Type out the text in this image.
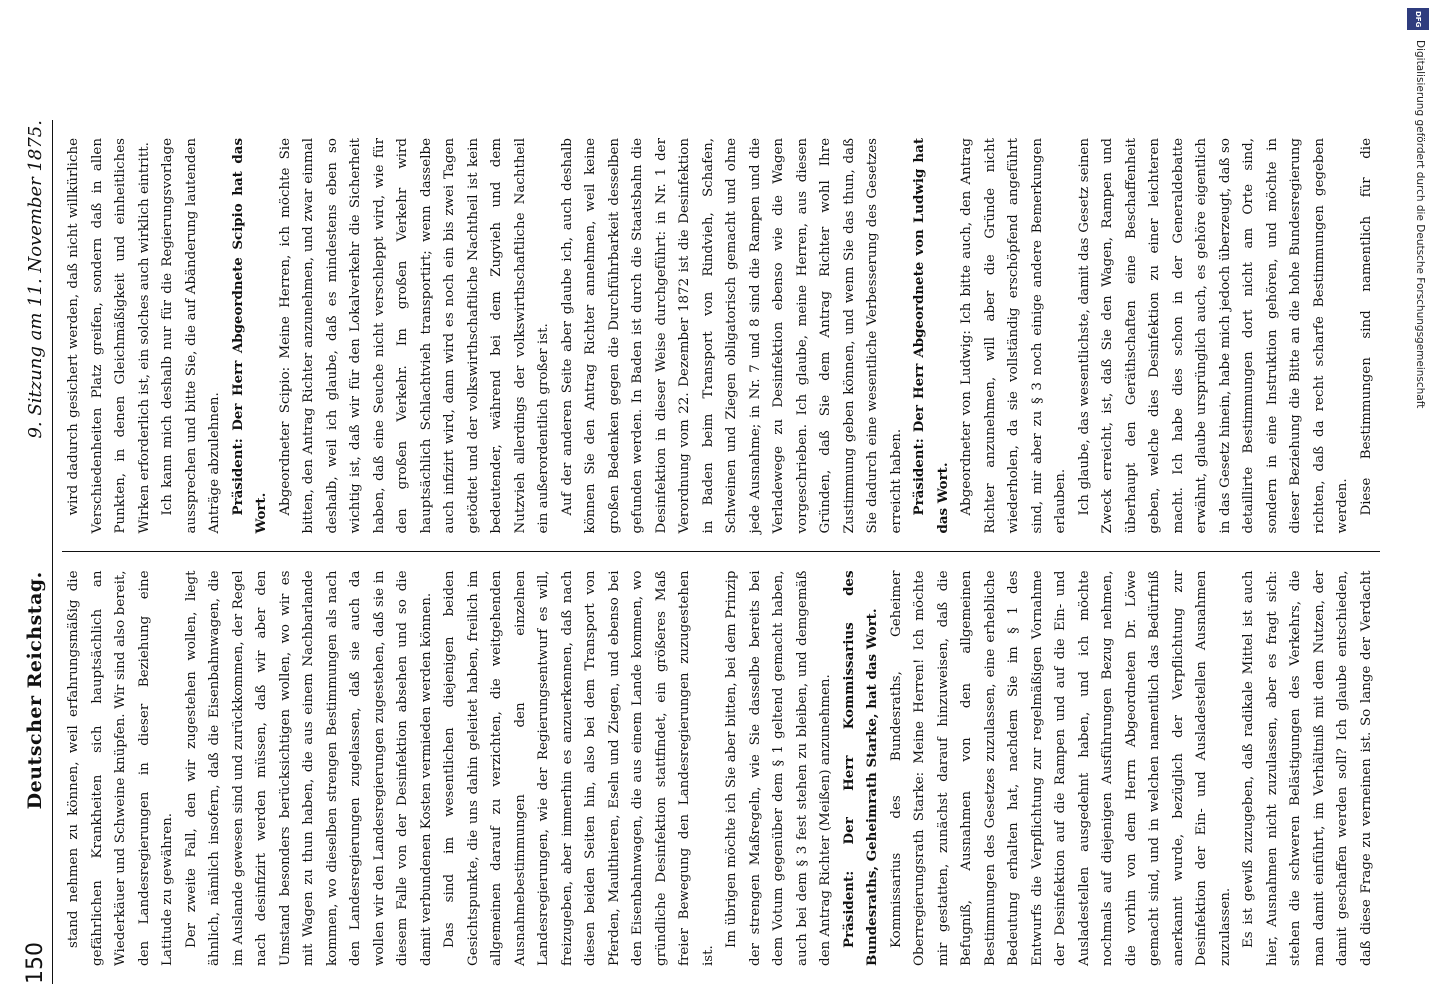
150
Deutscher Reichstag.
9. Sitzung am 11. November 1875.

stand nehmen zu können, weil erfahrungsmäßig die gefährlichen Krankheiten sich hauptsächlich an Wiederkäuer und Schweine knüpfen. Wir sind also bereit, den Landesregierungen in dieser Beziehung eine Latitude zu gewähren. Der zweite Fall, den wir zugestehen wollen, liegt ähnlich, nämlich insofern, daß die Eisenbahnwagen, die im Auslande gewesen sind und zurückkommen, der Regel nach desinfizirt werden müssen, daß wir aber den Umstand besonders berücksichtigen wollen, wo wir es mit Wagen zu thun haben, die aus einem Nachbarlande kommen, wo dieselben strengen Bestimmungen als nach den Landesregierungen zugelassen, daß sie auch da wollen wir den Landesregierungen zugestehen, daß sie in diesem Falle von der Desinfektion absehen und so die damit verbundenen Kosten vermieden werden können. Das sind im wesentlichen diejenigen beiden Gesichtspunkte, die uns dahin geleitet haben, freilich im allgemeinen darauf zu verzichten, die weitgehenden Ausnahmebestimmungen den einzelnen Landesregierungen, wie der Regierungsentwurf es will, freizugeben, aber immerhin es anzuerkennen, daß nach diesen beiden Seiten hin, also bei dem Transport von Pferden, Maulthieren, Eseln und Ziegen, und ebenso bei den Eisenbahnwagen, die aus einem Lande kommen, wo gründliche Desinfektion stattfindet, ein größeres Maß freier Bewegung den Landesregierungen zuzugestehen ist.

Im übrigen möchte ich Sie aber bitten, bei dem Prinzip der strengen Maßregeln, wie Sie dasselbe bereits bei dem Votum gegenüber dem § 1 geltend gemacht haben, auch bei dem § 3 fest stehen zu bleiben, und demgemäß den Antrag Richter (Meißen) anzunehmen. Präsident: Der Herr Kommissarius des Bundesraths, Geheimrath Starke, hat das Wort. Kommissarius des Bundesraths, Geheimer Oberregierungsrath Starke: Meine Herren! Ich möchte mir gestatten, zunächst darauf hinzuweisen, daß die Befugniß, Ausnahmen von den allgemeinen Bestimmungen des Gesetzes zuzulassen, eine erhebliche Bedeutung erhalten hat, nachdem Sie im § 1 des Entwurfs die Verpflichtung zur regelmäßigen Vornahme der Desinfektion auf die Rampen und auf die Ein- und Ausladestellen ausgedehnt haben, und ich möchte nochmals auf diejenigen Ausführungen Bezug nehmen, die vorhin von dem Herrn Abgeordneten Dr. Löwe gemacht sind, und in welchen namentlich das Bedürfniß anerkannt wurde, bezüglich der Verpflichtung zur Desinfektion der Ein- und Ausladestellen Ausnahmen zuzulassen. Es ist gewiß zuzugeben, daß radikale Mittel ist auch hier, Ausnahmen nicht zuzulassen, aber es fragt sich: stehen die schweren Belästigungen des Verkehrs, die man damit einführt, im Verhältniß mit dem Nutzen, der damit geschaffen werden soll? Ich glaube entschieden, daß diese Frage zu verneinen ist. So lange der Verdacht

wird dadurch gesichert werden, daß nicht willkürliche Verschiedenheiten Platz greifen, sondern daß in allen Punkten, in denen Gleichmäßigkeit und einheitliches Wirken erforderlich ist, ein solches auch wirklich eintritt. Ich kann mich deshalb nur für die Regierungsvorlage aussprechen und bitte Sie, die auf Abänderung lautenden Anträge abzulehnen. Präsident: Der Herr Abgeordnete Scipio hat das Wort. Abgeordneter Scipio: Meine Herren, ich möchte Sie bitten, den Antrag Richter anzunehmen, und zwar einmal deshalb, weil ich glaube, daß es mindestens eben so wichtig ist, daß wir für den Lokalverkehr die Sicherheit haben, daß eine Seuche nicht verschleppt wird, wie für den großen Verkehr. Im großen Verkehr wird hauptsächlich Schlachtvieh transportirt; wenn dasselbe auch infizirt wird, dann wird es noch ein bis zwei Tagen getödtet und der volkswirthschaftliche Nachtheil ist kein bedeutender, während bei dem Zugvieh und dem Nutzvieh allerdings der volkswirthschaftliche Nachtheil ein außerordentlich großer ist. Auf der anderen Seite aber glaube ich, auch deshalb können Sie den Antrag Richter annehmen, weil keine großen Bedenken gegen die Durchführbarkeit desselben gefunden werden. In Baden ist durch die Staatsbahn die Desinfektion in dieser Weise durchgeführt: in Nr. 1 der Verordnung vom 22. Dezember 1872 ist die Desinfektion in Baden beim Transport von Rindvieh, Schafen, Schweinen und Ziegen obligatorisch gemacht und ohne jede Ausnahme; in Nr. 7 und 8 sind die Rampen und die Verladewege zu Desinfektion ebenso wie die Wagen vorgeschrieben. Ich glaube, meine Herren, aus diesen Gründen, daß Sie dem Antrag Richter wohl Ihre Zustimmung geben können, und wenn Sie das thun, daß Sie dadurch eine wesentliche Verbesserung des Gesetzes erreicht haben. Präsident: Der Herr Abgeordnete von Ludwig hat das Wort. Abgeordneter von Ludwig: Ich bitte auch, den Antrag Richter anzunehmen, will aber die Gründe nicht wiederholen, da sie vollständig erschöpfend angeführt sind, mir aber zu § 3 noch einige andere Bemerkungen erlauben. Ich glaube, das wesentlichste, damit das Gesetz seinen Zweck erreicht, ist, daß Sie den Wagen, Rampen und überhaupt den Geräthschaften eine Beschaffenheit geben, welche dies Desinfektion zu einer leichteren macht. Ich habe dies schon in der Generaldebatte erwähnt, glaube ursprünglich auch, es gehöre eigentlich in das Gesetz hinein, habe mich jedoch überzeugt, daß so detaillirte Bestimmungen dort nicht am Orte sind, sondern in eine Instruktion gehören, und möchte in dieser Beziehung die Bitte an die hohe Bundesregierung richten, daß da recht scharfe Bestimmungen gegeben werden. Diese Bestimmungen sind namentlich für die

DFG
Digitalisierung gefördert durch die Deutsche Forschungsgemeinschaft
